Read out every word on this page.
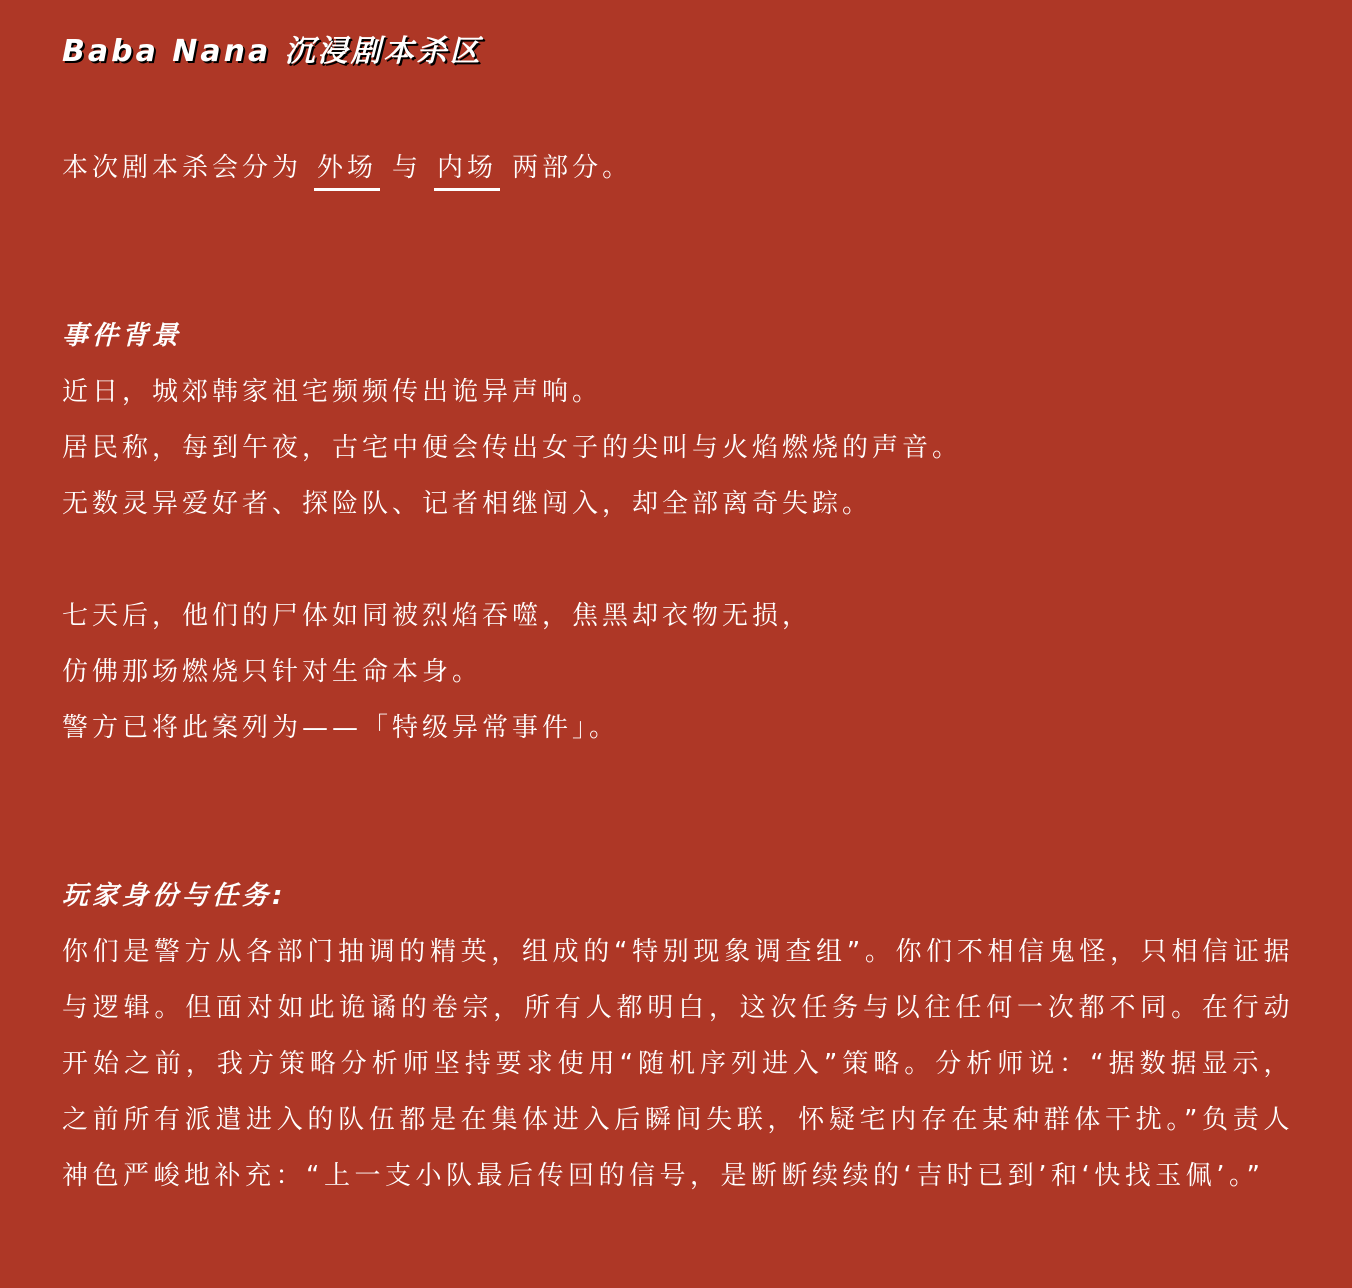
Baba Nana 沉浸剧本杀区
本次剧本杀会分为 外场 与 内场 两部分。
事件背景
近日，城郊韩家祖宅频频传出诡异声响。
居民称，每到午夜，古宅中便会传出女子的尖叫与火焰燃烧的声音。
无数灵异爱好者、探险队、记者相继闯入，却全部离奇失踪。
七天后，他们的尸体如同被烈焰吞噬，焦黑却衣物无损，
仿佛那场燃烧只针对生命本身。
警方已将此案列为——「特级异常事件」。
玩家身份与任务:
你们是警方从各部门抽调的精英，组成的“特别现象调查组”。你们不相信鬼怪，只相信证据与逻辑。但面对如此诡谲的卷宗，所有人都明白，这次任务与以往任何一次都不同。在行动开始之前，我方策略分析师坚持要求使用“随机序列进入”策略。分析师说：“据数据显示，之前所有派遣进入的队伍都是在集体进入后瞬间失联，怀疑宅内存在某种群体干扰。”负责人神色严峻地补充：“上一支小队最后传回的信号，是断断续续的‘吉时已到’和‘快找玉佩’。”
